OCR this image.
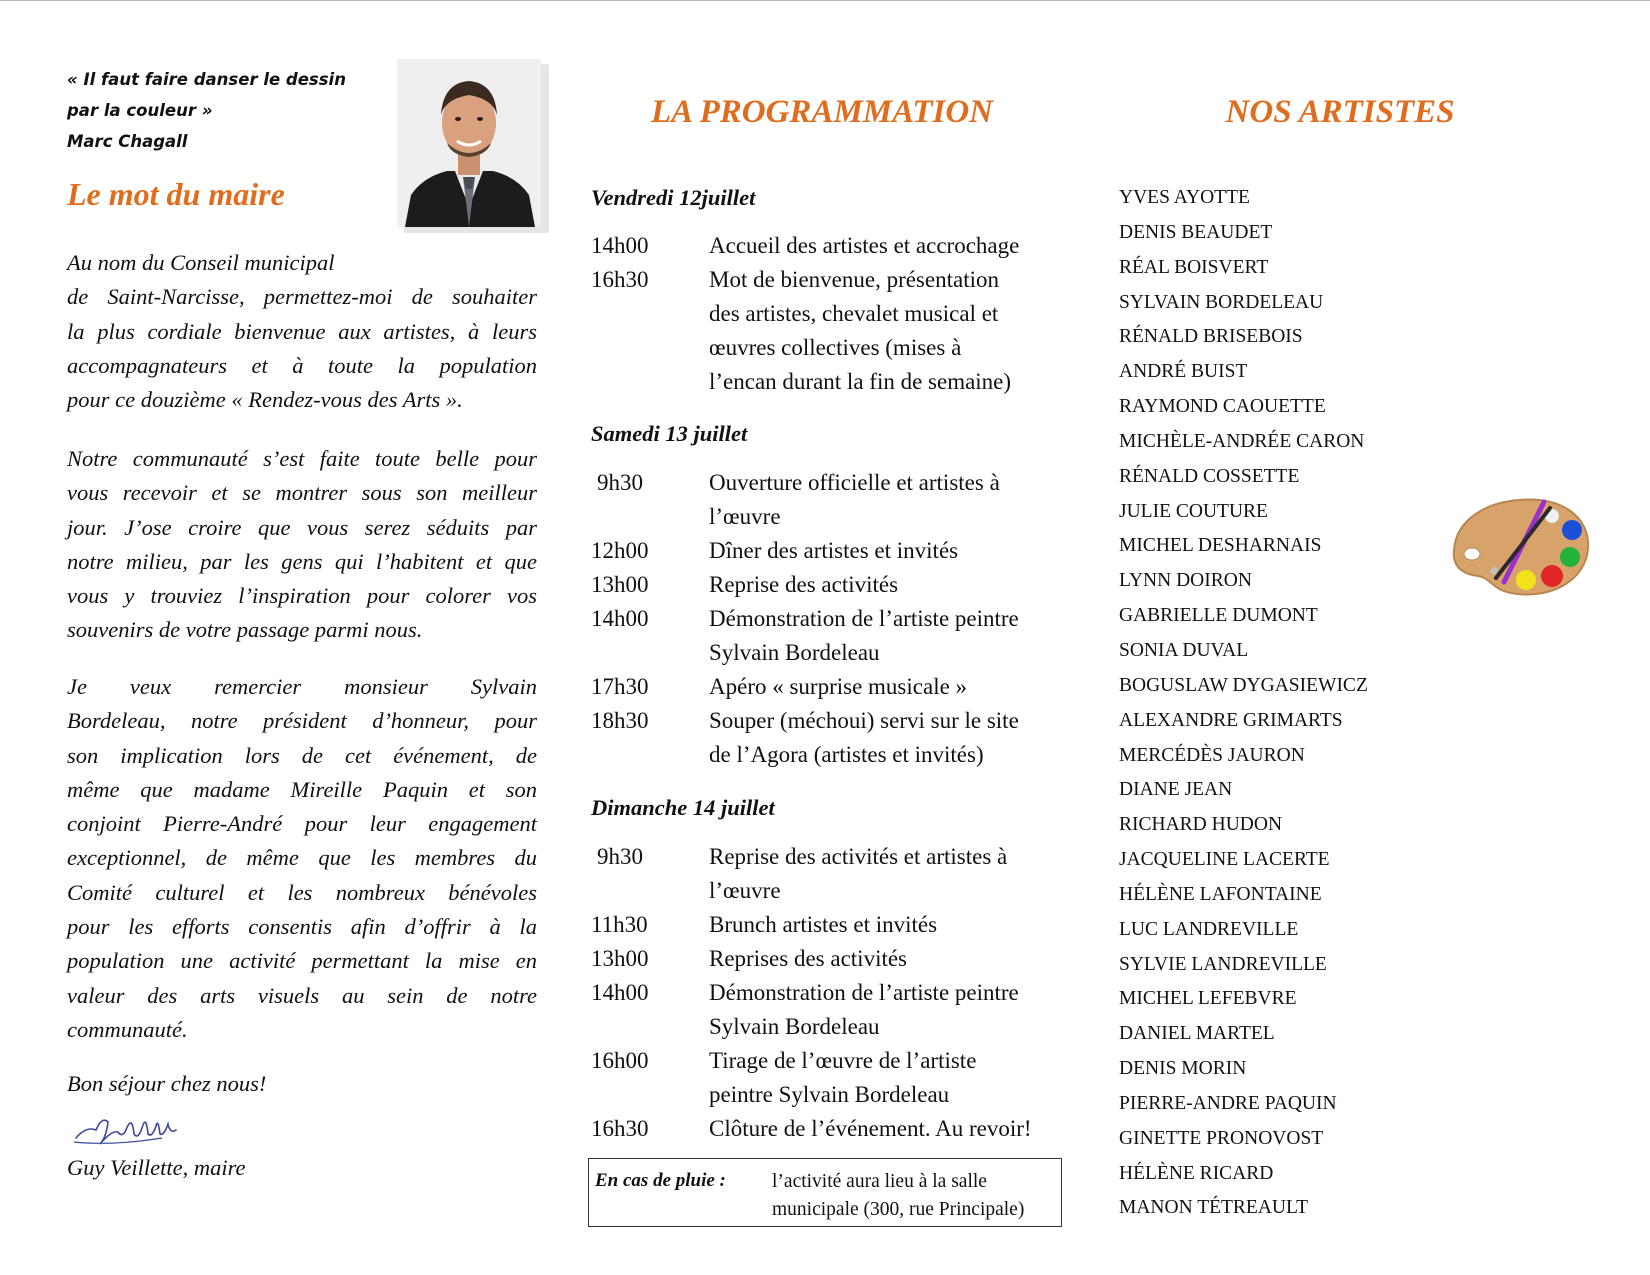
« Il faut faire danser le dessin
par la couleur »
Marc Chagall
Le mot du maire
Au nom du Conseil municipal
de Saint-Narcisse, permettez-moi de souhaiter
la plus cordiale bienvenue aux artistes, à leurs
accompagnateurs et à toute la population
pour ce douzième « Rendez-vous des Arts ».
Notre communauté s’est faite toute belle pour
vous recevoir et se montrer sous son meilleur
jour. J’ose croire que vous serez séduits par
notre milieu, par les gens qui l’habitent et que
vous y trouviez l’inspiration pour colorer vos
souvenirs de votre passage parmi nous.
Je veux remercier monsieur Sylvain
Bordeleau, notre président d’honneur, pour
son implication lors de cet événement, de
même que madame Mireille Paquin et son
conjoint Pierre-André pour leur engagement
exceptionnel, de même que les membres du
Comité culturel et les nombreux bénévoles
pour les efforts consentis afin d’offrir à la
population une activité permettant la mise en
valeur des arts visuels au sein de notre
communauté.
Bon séjour chez nous!
Guy Veillette, maire
LA PROGRAMMATION
Vendredi 12juillet
14h00	Accueil des artistes et accrochage
16h30	Mot de bienvenue, présentation
des artistes, chevalet musical et
œuvres collectives (mises à
l’encan durant la fin de semaine)
Samedi 13 juillet
9h30	Ouverture officielle et artistes à
l’œuvre
12h00	Dîner des artistes et invités
13h00	Reprise des activités
14h00	Démonstration de l’artiste peintre
Sylvain Bordeleau
17h30	Apéro « surprise musicale »
18h30	Souper (méchoui) servi sur le site
de l’Agora (artistes et invités)
Dimanche 14 juillet
9h30	Reprise des activités et artistes à
l’œuvre
11h30	Brunch artistes et invités
13h00	Reprises des activités
14h00	Démonstration de l’artiste peintre
Sylvain Bordeleau
16h00	Tirage de l’œuvre de l’artiste
peintre Sylvain Bordeleau
16h30	Clôture de l’événement. Au revoir!
En cas de pluie : l’activité aura lieu à la salle
municipale (300, rue Principale)
NOS ARTISTES
YVES AYOTTE
DENIS BEAUDET
RÉAL BOISVERT
SYLVAIN BORDELEAU
RÉNALD BRISEBOIS
ANDRÉ BUIST
RAYMOND CAOUETTE
MICHÈLE-ANDRÉE CARON
RÉNALD COSSETTE
JULIE COUTURE
MICHEL DESHARNAIS
LYNN DOIRON
GABRIELLE DUMONT
SONIA DUVAL
BOGUSLAW DYGASIEWICZ
ALEXANDRE GRIMARTS
MERCÉDÈS JAURON
DIANE JEAN
RICHARD HUDON
JACQUELINE LACERTE
HÉLÈNE LAFONTAINE
LUC LANDREVILLE
SYLVIE LANDREVILLE
MICHEL LEFEBVRE
DANIEL MARTEL
DENIS MORIN
PIERRE-ANDRE PAQUIN
GINETTE PRONOVOST
HÉLÈNE RICARD
MANON TÉTREAULT
